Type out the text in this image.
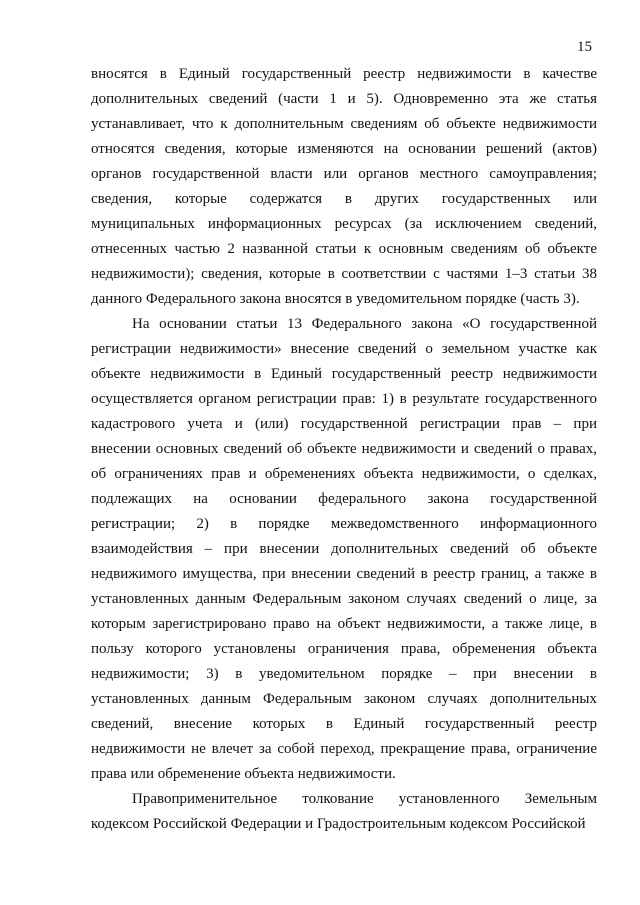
15
вносятся в Единый государственный реестр недвижимости в качестве
дополнительных сведений (части 1 и 5). Одновременно эта же статья
устанавливает, что к дополнительным сведениям об объекте недвижимости
относятся сведения, которые изменяются на основании решений (актов)
органов государственной власти или органов местного самоуправления;
сведения, которые содержатся в других государственных или
муниципальных информационных ресурсах (за исключением сведений,
отнесенных частью 2 названной статьи к основным сведениям об объекте
недвижимости); сведения, которые в соответствии с частями 1–3 статьи 38
данного Федерального закона вносятся в уведомительном порядке (часть 3).
На основании статьи 13 Федерального закона «О государственной
регистрации недвижимости» внесение сведений о земельном участке как
объекте недвижимости в Единый государственный реестр недвижимости
осуществляется органом регистрации прав: 1) в результате государственного
кадастрового учета и (или) государственной регистрации прав – при
внесении основных сведений об объекте недвижимости и сведений о правах,
об ограничениях прав и обременениях объекта недвижимости, о сделках,
подлежащих на основании федерального закона государственной
регистрации; 2) в порядке межведомственного информационного
взаимодействия – при внесении дополнительных сведений об объекте
недвижимого имущества, при внесении сведений в реестр границ, а также в
установленных данным Федеральным законом случаях сведений о лице, за
которым зарегистрировано право на объект недвижимости, а также лице, в
пользу которого установлены ограничения права, обременения объекта
недвижимости; 3) в уведомительном порядке – при внесении в
установленных данным Федеральным законом случаях дополнительных
сведений, внесение которых в Единый государственный реестр
недвижимости не влечет за собой переход, прекращение права, ограничение
права или обременение объекта недвижимости.
Правоприменительное толкование установленного Земельным
кодексом Российской Федерации и Градостроительным кодексом Российской
